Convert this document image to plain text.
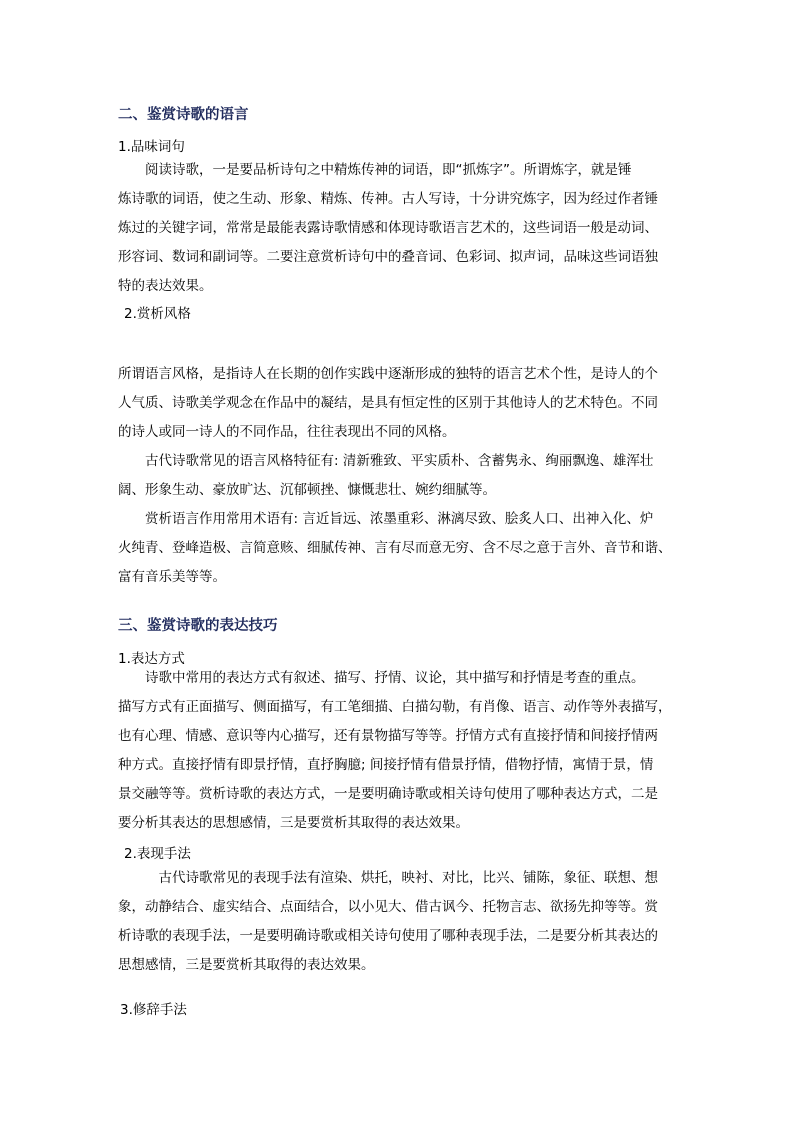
二、鉴赏诗歌的语言
1.品味词句
　　阅读诗歌，一是要品析诗句之中精炼传神的词语，即“抓炼字”。所谓炼字，就是锤
炼诗歌的词语，使之生动、形象、精炼、传神。古人写诗，十分讲究炼字，因为经过作者锤
炼过的关键字词，常常是最能表露诗歌情感和体现诗歌语言艺术的，这些词语一般是动词、
形容词、数词和副词等。二要注意赏析诗句中的叠音词、色彩词、拟声词，品味这些词语独
特的表达效果。
2.赏析风格
所谓语言风格，是指诗人在长期的创作实践中逐渐形成的独特的语言艺术个性，是诗人的个
人气质、诗歌美学观念在作品中的凝结，是具有恒定性的区别于其他诗人的艺术特色。不同
的诗人或同一诗人的不同作品，往往表现出不同的风格。
　　古代诗歌常见的语言风格特征有: 清新雅致、平实质朴、含蓄隽永、绚丽飘逸、雄浑壮
阔、形象生动、豪放旷达、沉郁顿挫、慷慨悲壮、婉约细腻等。
　　赏析语言作用常用术语有: 言近旨远、浓墨重彩、淋漓尽致、脍炙人口、出神入化、炉
火纯青、登峰造极、言简意赅、细腻传神、言有尽而意无穷、含不尽之意于言外、音节和谐、
富有音乐美等等。
三、鉴赏诗歌的表达技巧
1.表达方式
　　诗歌中常用的表达方式有叙述、描写、抒情、议论，其中描写和抒情是考查的重点。
描写方式有正面描写、侧面描写，有工笔细描、白描勾勒，有肖像、语言、动作等外表描写，
也有心理、情感、意识等内心描写，还有景物描写等等。抒情方式有直接抒情和间接抒情两
种方式。直接抒情有即景抒情，直抒胸臆; 间接抒情有借景抒情，借物抒情，寓情于景，情
景交融等等。赏析诗歌的表达方式，一是要明确诗歌或相关诗句使用了哪种表达方式，二是
要分析其表达的思想感情，三是要赏析其取得的表达效果。
2.表现手法
　　　古代诗歌常见的表现手法有渲染、烘托，映衬、对比，比兴、铺陈，象征、联想、想
象，动静结合、虚实结合、点面结合，以小见大、借古讽今、托物言志、欲扬先抑等等。赏
析诗歌的表现手法，一是要明确诗歌或相关诗句使用了哪种表现手法，二是要分析其表达的
思想感情，三是要赏析其取得的表达效果。
3.修辞手法
